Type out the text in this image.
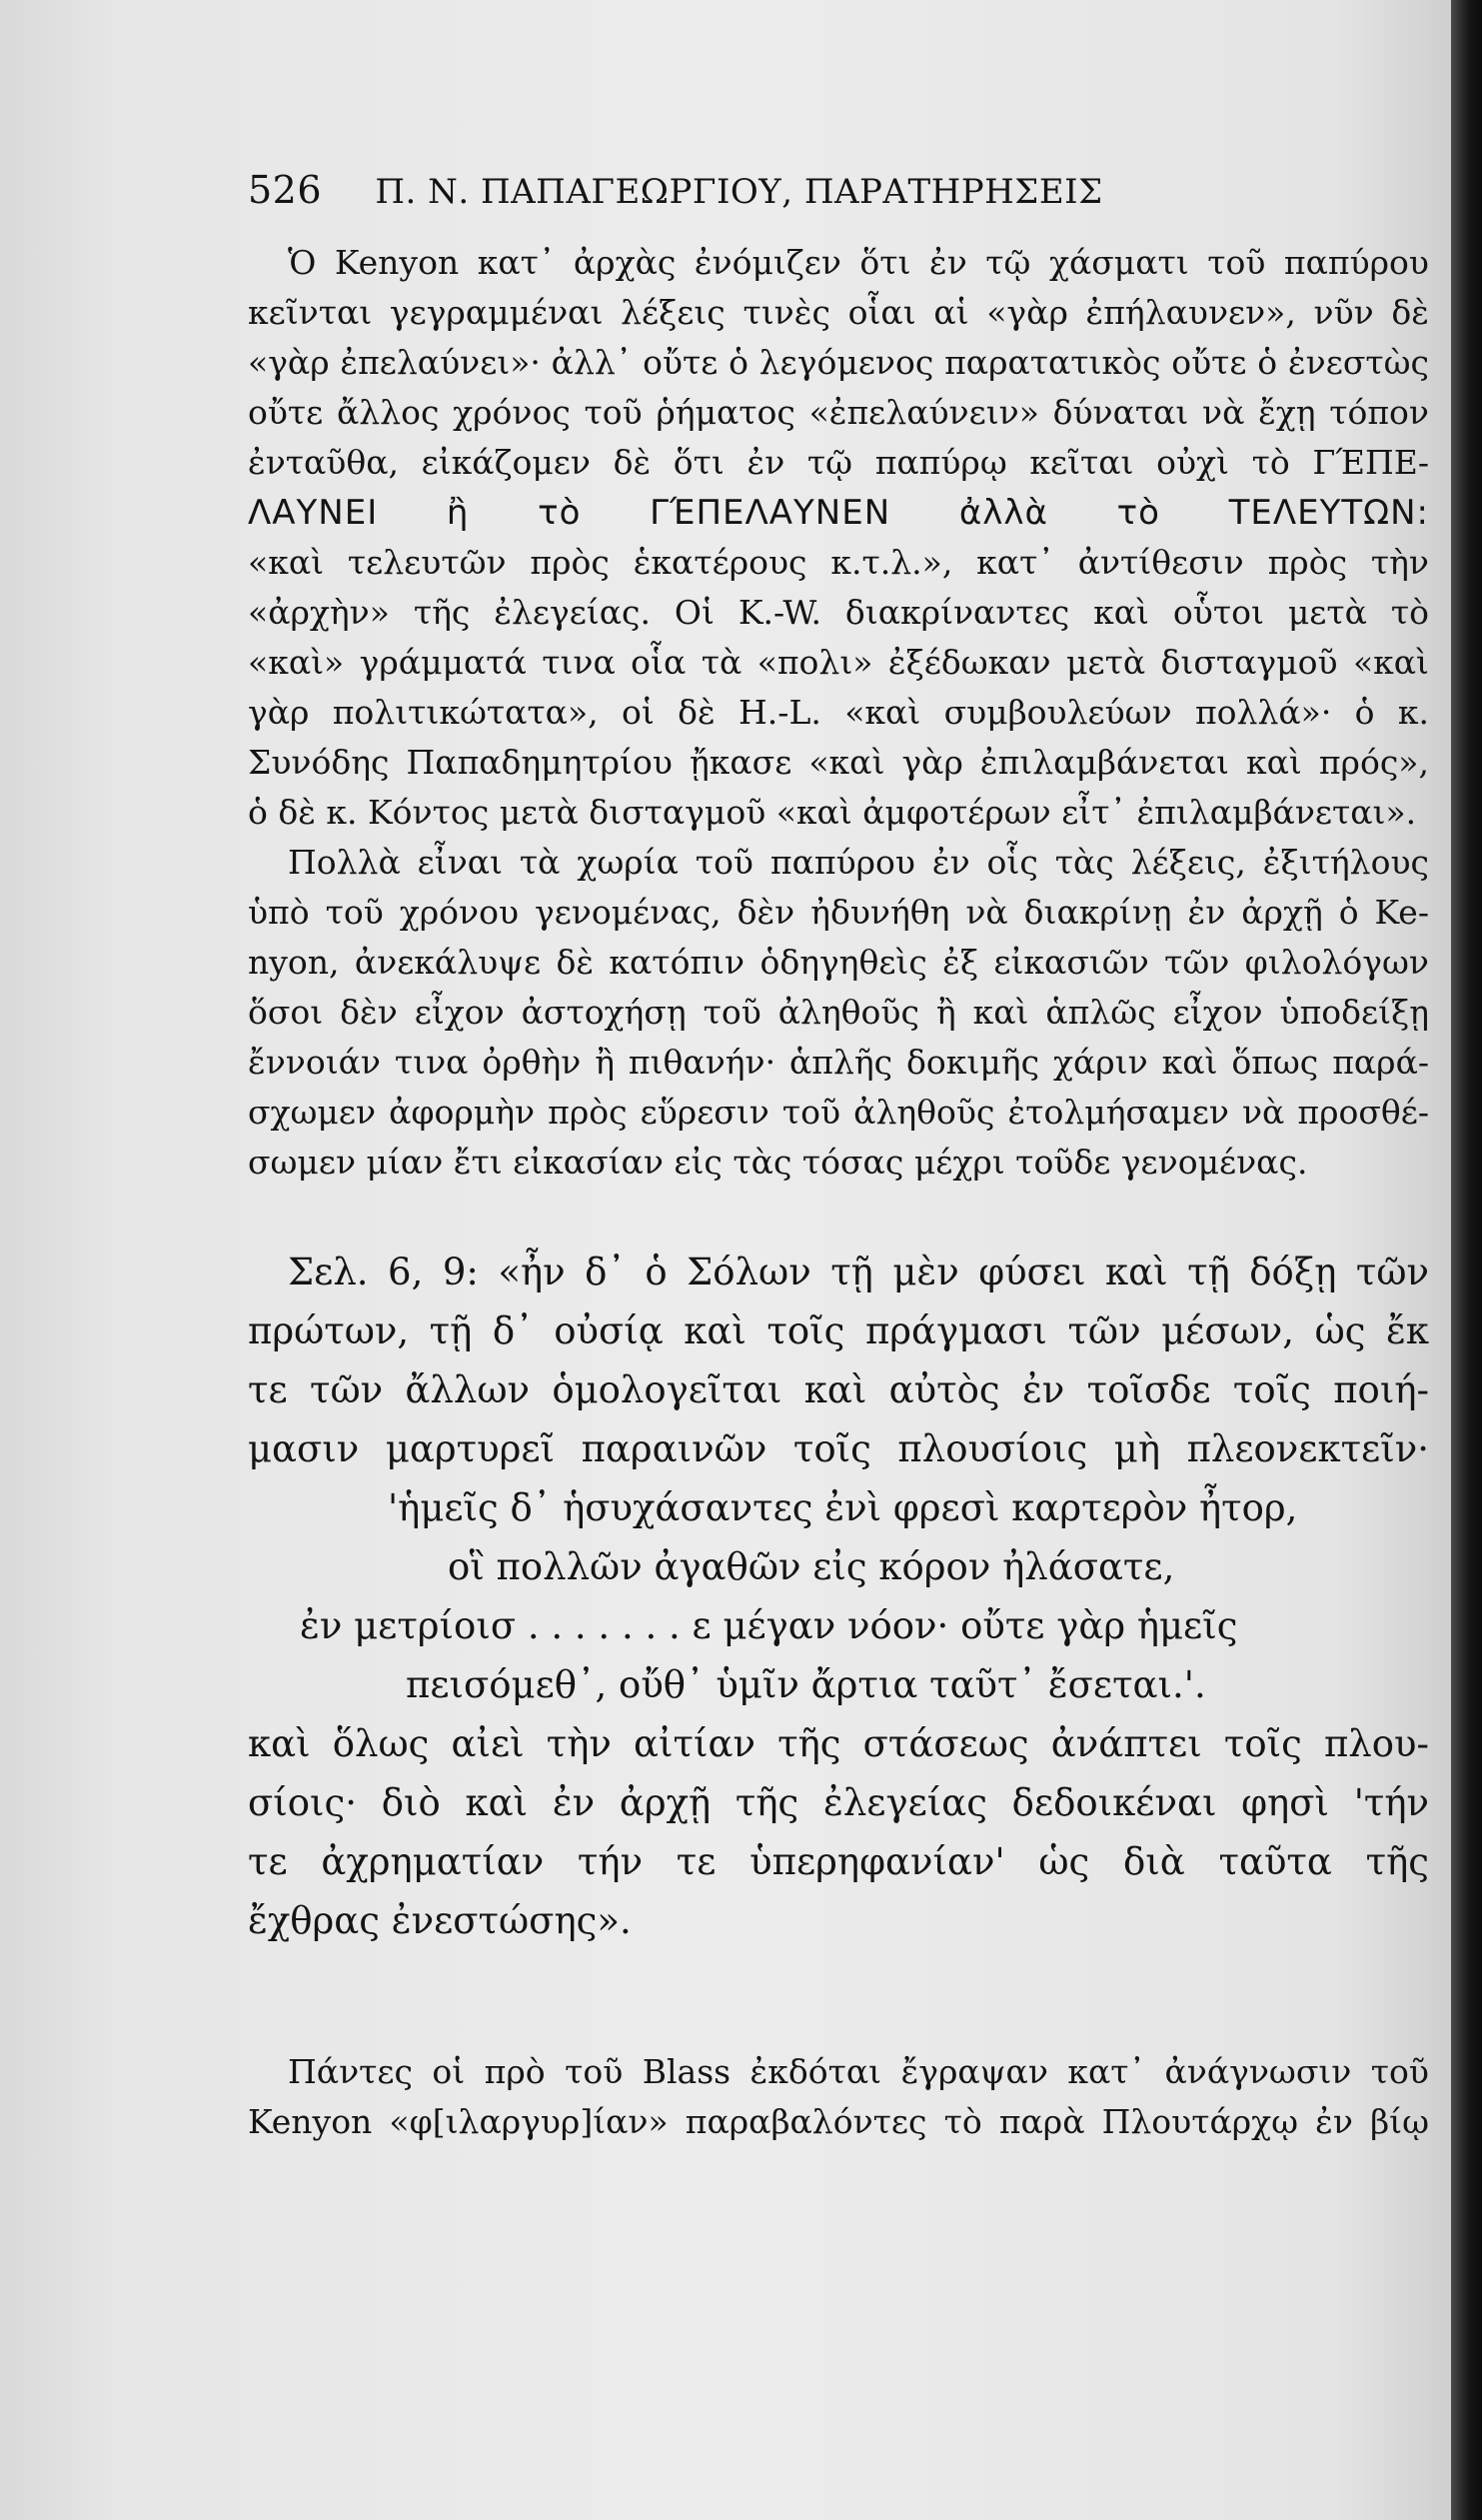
526 Π. Ν. ΠΑΠΑΓΕΩΡΓΙΟΥ, ΠΑΡΑΤΗΡΗΣΕΙΣ
Ὁ Kenyon κατ᾽ ἀρχὰς ἐνόμιζεν ὅτι ἐν τῷ χάσματι τοῦ παπύρου
κεῖνται γεγραμμέναι λέξεις τινὲς οἷαι αἱ «γὰρ ἐπήλαυνεν», νῦν δὲ
«γὰρ ἐπελαύνει»· ἀλλ᾽ οὔτε ὁ λεγόμενος παρατατικὸς οὔτε ὁ ἐνεστὼς
οὔτε ἄλλος χρόνος τοῦ ῥήματος «ἐπελαύνειν» δύναται νὰ ἔχῃ τόπον
ἐνταῦθα, εἰκάζομεν δὲ ὅτι ἐν τῷ παπύρῳ κεῖται οὐχὶ τὸ ΓΈΠΕ-
ΛΑΥΝΕΙ ἢ τὸ ΓΈΠΕΛΑΥΝΕΝ ἀλλὰ τὸ ΤΕΛΕΥΤΩΝ:
«καὶ τελευτῶν πρὸς ἑκατέρους κ.τ.λ.», κατ᾽ ἀντίθεσιν πρὸς τὴν
«ἀρχὴν» τῆς ἐλεγείας. Οἱ K.-W. διακρίναντες καὶ οὗτοι μετὰ τὸ
«καὶ» γράμματά τινα οἷα τὰ «πολι» ἐξέδωκαν μετὰ δισταγμοῦ «καὶ
γὰρ πολιτικώτατα», οἱ δὲ H.-L. «καὶ συμβουλεύων πολλά»· ὁ κ.
Συνόδης Παπαδημητρίου ᾔκασε «καὶ γὰρ ἐπιλαμβάνεται καὶ πρός»,
ὁ δὲ κ. Κόντος μετὰ δισταγμοῦ «καὶ ἀμφοτέρων εἶτ᾽ ἐπιλαμβάνεται».
Πολλὰ εἶναι τὰ χωρία τοῦ παπύρου ἐν οἷς τὰς λέξεις, ἐξιτήλους
ὑπὸ τοῦ χρόνου γενομένας, δὲν ἠδυνήθη νὰ διακρίνῃ ἐν ἀρχῇ ὁ Ke-
nyon, ἀνεκάλυψε δὲ κατόπιν ὁδηγηθεὶς ἐξ εἰκασιῶν τῶν φιλολόγων
ὅσοι δὲν εἶχον ἀστοχήσῃ τοῦ ἀληθοῦς ἢ καὶ ἁπλῶς εἶχον ὑποδείξῃ
ἔννοιάν τινα ὀρθὴν ἢ πιθανήν· ἁπλῆς δοκιμῆς χάριν καὶ ὅπως παρά-
σχωμεν ἀφορμὴν πρὸς εὕρεσιν τοῦ ἀληθοῦς ἐτολμήσαμεν νὰ προσθέ-
σωμεν μίαν ἔτι εἰκασίαν εἰς τὰς τόσας μέχρι τοῦδε γενομένας.
Σελ. 6, 9: «ἦν δ᾽ ὁ Σόλων τῇ μὲν φύσει καὶ τῇ δόξῃ τῶν
πρώτων, τῇ δ᾽ οὐσίᾳ καὶ τοῖς πράγμασι τῶν μέσων, ὡς ἔκ
τε τῶν ἄλλων ὁμολογεῖται καὶ αὐτὸς ἐν τοῖσδε τοῖς ποιή-
μασιν μαρτυρεῖ παραινῶν τοῖς πλουσίοις μὴ πλεονεκτεῖν·
'ἡμεῖς δ᾽ ἡσυχάσαντες ἐνὶ φρεσὶ καρτερὸν ἦτορ,
οἳ πολλῶν ἀγαθῶν εἰς κόρον ἠλάσατε,
ἐν μετρίοισ . . . . . . . ε μέγαν νόον· οὔτε γὰρ ἡμεῖς
πεισόμεθ᾽, οὔθ᾽ ὑμῖν ἄρτια ταῦτ᾽ ἔσεται.'.
καὶ ὅλως αἰεὶ τὴν αἰτίαν τῆς στάσεως ἀνάπτει τοῖς πλου-
σίοις· διὸ καὶ ἐν ἀρχῇ τῆς ἐλεγείας δεδοικέναι φησὶ 'τήν
τε ἀχρηματίαν τήν τε ὑπερηφανίαν' ὡς διὰ ταῦτα τῆς
ἔχθρας ἐνεστώσης».
Πάντες οἱ πρὸ τοῦ Blass ἐκδόται ἔγραψαν κατ᾽ ἀνάγνωσιν τοῦ
Kenyon «φ[ιλαργυρ]ίαν» παραβαλόντες τὸ παρὰ Πλουτάρχῳ ἐν βίῳ
